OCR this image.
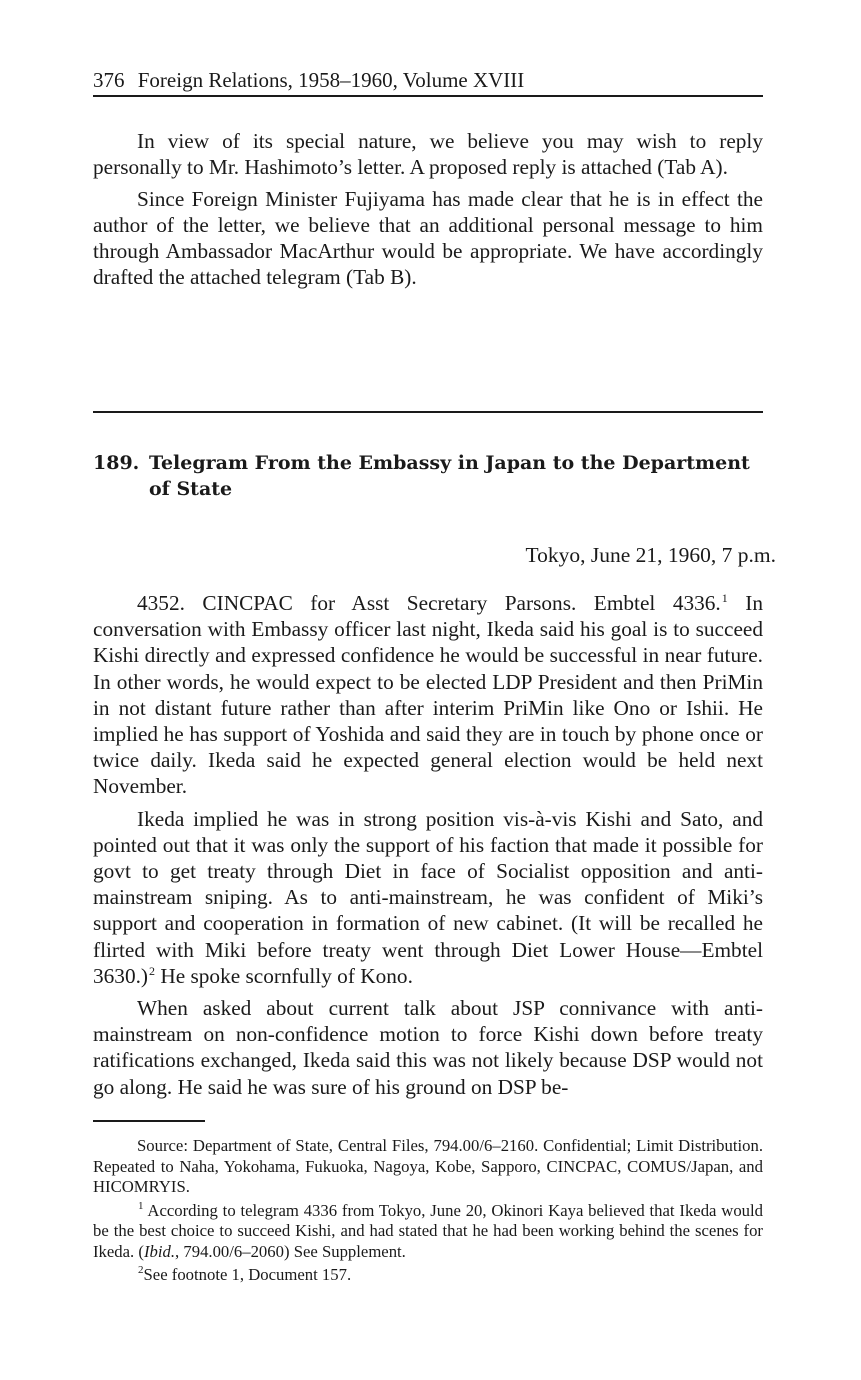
376 Foreign Relations, 1958–1960, Volume XVIII

In view of its special nature, we believe you may wish to reply personally to Mr. Hashimoto’s letter. A proposed reply is attached (Tab A).

Since Foreign Minister Fujiyama has made clear that he is in effect the author of the letter, we believe that an additional personal message to him through Ambassador MacArthur would be appropriate. We have accordingly drafted the attached telegram (Tab B).

189. Telegram From the Embassy in Japan to the Department of State
Tokyo, June 21, 1960, 7 p.m.

4352. CINCPAC for Asst Secretary Parsons. Embtel 4336.$^1$ In conversation with Embassy officer last night, Ikeda said his goal is to succeed Kishi directly and expressed confidence he would be successful in near future. In other words, he would expect to be elected LDP President and then PriMin in not distant future rather than after interim PriMin like Ono or Ishii. He implied he has support of Yoshida and said they are in touch by phone once or twice daily. Ikeda said he expected general election would be held next November.

Ikeda implied he was in strong position vis-à-vis Kishi and Sato, and pointed out that it was only the support of his faction that made it possible for govt to get treaty through Diet in face of Socialist opposition and anti-mainstream sniping. As to anti-mainstream, he was confident of Miki’s support and cooperation in formation of new cabinet. (It will be recalled he flirted with Miki before treaty went through Diet Lower House—Embtel 3630.)$^2$ He spoke scornfully of Kono.

When asked about current talk about JSP connivance with anti-mainstream on non-confidence motion to force Kishi down before treaty ratifications exchanged, Ikeda said this was not likely because DSP would not go along. He said he was sure of his ground on DSP be-

Source: Department of State, Central Files, 794.00/6–2160. Confidential; Limit Distribution. Repeated to Naha, Yokohama, Fukuoka, Nagoya, Kobe, Sapporo, CINCPAC, COMUS/Japan, and HICOMRYIS.

$^1$ According to telegram 4336 from Tokyo, June 20, Okinori Kaya believed that Ikeda would be the best choice to succeed Kishi, and had stated that he had been working behind the scenes for Ikeda. (Ibid., 794.00/6–2060) See Supplement.

$^2$See footnote 1, Document 157.
